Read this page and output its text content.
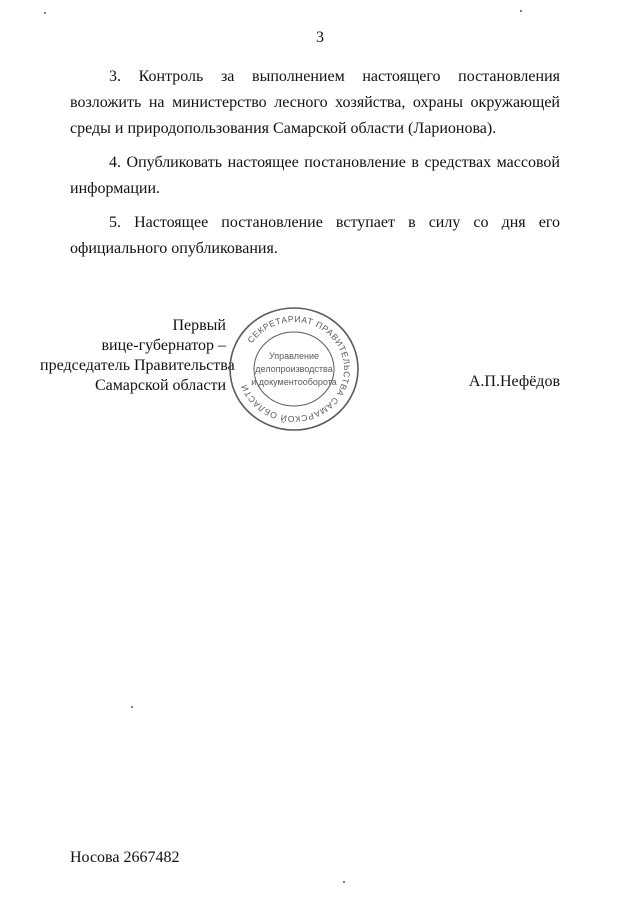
3

3. Контроль за выполнением настоящего постановления возложить на министерство лесного хозяйства, охраны окружающей среды и природопользования Самарской области (Ларионова).

4. Опубликовать настоящее постановление в средствах массовой информации.

5. Настоящее постановление вступает в силу со дня его официального опубликования.

Первый
вице-губернатор –
председатель Правительства
Самарской области
СЕКРЕТАРИАТ ПРАВИТЕЛЬСТВА САМАРСКОЙ ОБЛАСТИ
Управление
делопроизводства
и документооборота	А.П.Нефёдов
Носова 2667482
